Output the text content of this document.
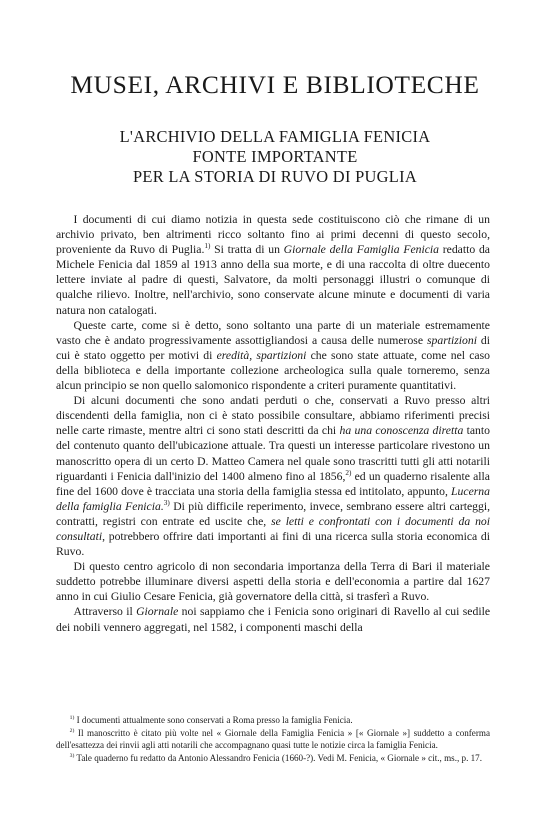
MUSEI, ARCHIVI E BIBLIOTECHE
L'ARCHIVIO DELLA FAMIGLIA FENICIA
FONTE IMPORTANTE
PER LA STORIA DI RUVO DI PUGLIA

I documenti di cui diamo notizia in questa sede costituiscono ciò che rimane di un archivio privato, ben altrimenti ricco soltanto fino ai primi decenni di questo secolo, proveniente da Ruvo di Puglia.$^{1)}$ Si tratta di un Giornale della Famiglia Fenicia redatto da Michele Fenicia dal 1859 al 1913 anno della sua morte, e di una raccolta di oltre duecento lettere inviate al padre di questi, Salvatore, da molti personaggi illustri o comunque di qualche rilievo. Inoltre, nell'archivio, sono conservate alcune minute e documenti di varia natura non catalogati.

Queste carte, come si è detto, sono soltanto una parte di un materiale estremamente vasto che è andato progressivamente assottigliandosi a causa delle numerose spartizioni di cui è stato oggetto per motivi di eredità, spartizioni che sono state attuate, come nel caso della biblioteca e della importante collezione archeologica sulla quale torneremo, senza alcun principio se non quello salomonico rispondente a criteri puramente quantitativi.

Di alcuni documenti che sono andati perduti o che, conservati a Ruvo presso altri discendenti della famiglia, non ci è stato possibile consultare, abbiamo riferimenti precisi nelle carte rimaste, mentre altri ci sono stati descritti da chi ha una conoscenza diretta tanto del contenuto quanto dell'ubicazione attuale. Tra questi un interesse particolare rivestono un manoscritto opera di un certo D. Matteo Camera nel quale sono trascritti tutti gli atti notarili riguardanti i Fenicia dall'inizio del 1400 almeno fino al 1856,$^{2)}$ ed un quaderno risalente alla fine del 1600 dove è tracciata una storia della famiglia stessa ed intitolato, appunto, Lucerna della famiglia Fenicia.$^{3)}$ Di più difficile reperimento, invece, sembrano essere altri carteggi, contratti, registri con entrate ed uscite che, se letti e confrontati con i documenti da noi consultati, potrebbero offrire dati importanti ai fini di una ricerca sulla storia economica di Ruvo.

Di questo centro agricolo di non secondaria importanza della Terra di Bari il materiale suddetto potrebbe illuminare diversi aspetti della storia e dell'economia a partire dal 1627 anno in cui Giulio Cesare Fenicia, già governatore della città, si trasferì a Ruvo.

Attraverso il Giornale noi sappiamo che i Fenicia sono originari di Ravello al cui sedile dei nobili vennero aggregati, nel 1582, i componenti maschi della

$^{1)}$ I documenti attualmente sono conservati a Roma presso la famiglia Fenicia.

$^{2)}$ Il manoscritto è citato più volte nel « Giornale della Famiglia Fenicia » [« Giornale »] suddetto a conferma dell'esattezza dei rinvii agli atti notarili che accompagnano quasi tutte le notizie circa la famiglia Fenicia.

$^{3)}$ Tale quaderno fu redatto da Antonio Alessandro Fenicia (1660-?). Vedi M. Fenicia, « Giornale » cit., ms., p. 17.
